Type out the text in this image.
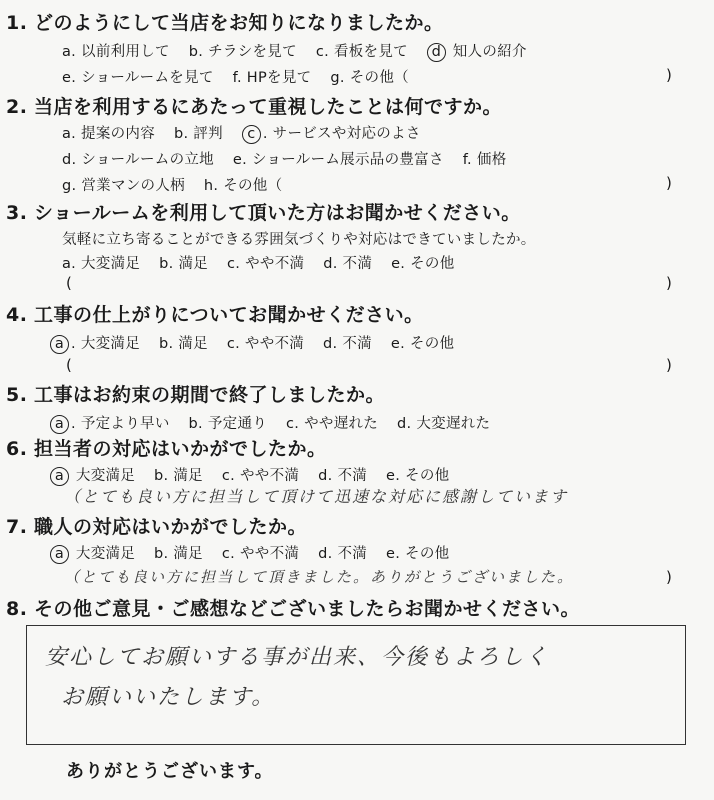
1. どのようにして当店をお知りになりましたか。
a. 以前利用して b. チラシを見て c. 看板を見て d 知人の紹介
e. ショールームを見て f. HPを見て g. その他（	)
2. 当店を利用するにあたって重視したことは何ですか。
a. 提案の内容 b. 評判 c . サービスや対応のよさ
d. ショールームの立地 e. ショールーム展示品の豊富さ f. 価格
g. 営業マンの人柄 h. その他（	)
3. ショールームを利用して頂いた方はお聞かせください。
気軽に立ち寄ることができる雰囲気づくりや対応はできていましたか。
a. 大変満足 b. 満足 c. やや不満 d. 不満 e. その他
(	)
4. 工事の仕上がりについてお聞かせください。
a . 大変満足 b. 満足 c. やや不満 d. 不満 e. その他
(	)
5. 工事はお約束の期間で終了しましたか。
a . 予定より早い b. 予定通り c. やや遅れた d. 大変遅れた
6. 担当者の対応はいかがでしたか。
a 大変満足 b. 満足 c. やや不満 d. 不満 e. その他
（とても良い方に担当して頂けて迅速な対応に感謝しています
7. 職人の対応はいかがでしたか。
a 大変満足 b. 満足 c. やや不満 d. 不満 e. その他
（とても良い方に担当して頂きました。ありがとうございました。	)
8. その他ご意見・ご感想などございましたらお聞かせください。
安心してお願いする事が出来、今後もよろしく
お願いいたします。
ありがとうございます。
